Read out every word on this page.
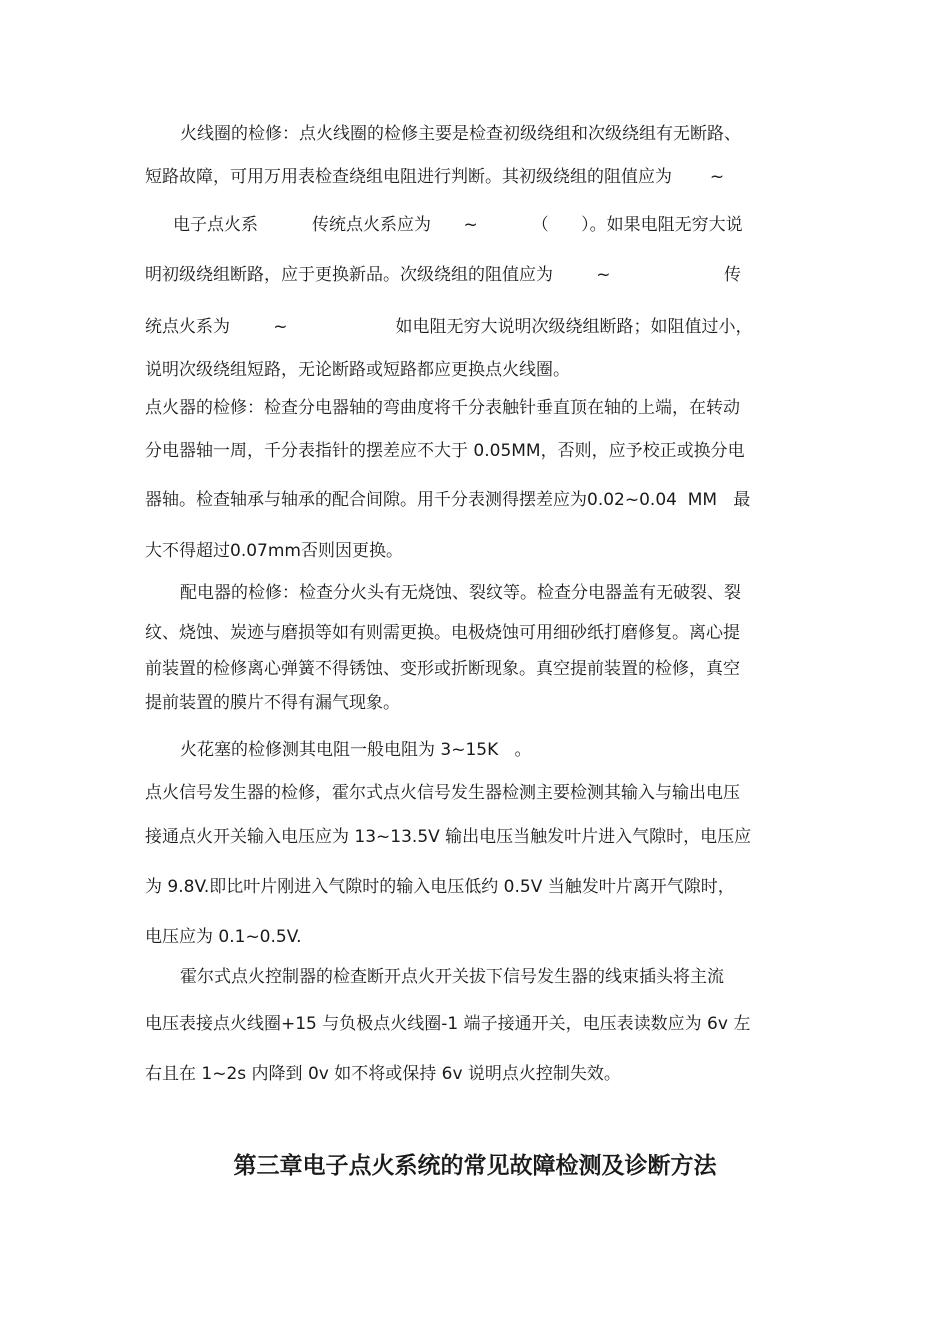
火线圈的检修：点火线圈的检修主要是检查初级绕组和次级绕组有无断路、
短路故障，可用万用表检查绕组电阻进行判断。其初级绕组的阻值应为       ~
电子点火系          传统点火系应为      ~          （      ）。如果电阻无穷大说
明初级绕组断路，应于更换新品。次级绕组的阻值应为        ~                     传
统点火系为        ~                    如电阻无穷大说明次级绕组断路；如阻值过小，
说明次级绕组短路，无论断路或短路都应更换点火线圈。
点火器的检修：检查分电器轴的弯曲度将千分表触针垂直顶在轴的上端，在转动
分电器轴一周，千分表指针的摆差应不大于 0.05MM，否则，应予校正或换分电
器轴。检查轴承与轴承的配合间隙。用千分表测得摆差应为0.02~0.04  MM   最
大不得超过0.07mm否则因更换。
配电器的检修：检查分火头有无烧蚀、裂纹等。检查分电器盖有无破裂、裂
纹、烧蚀、炭迹与磨损等如有则需更换。电极烧蚀可用细砂纸打磨修复。离心提
前装置的检修离心弹簧不得锈蚀、变形或折断现象。真空提前装置的检修，真空
提前装置的膜片不得有漏气现象。
火花塞的检修测其电阻一般电阻为 3~15K   。
点火信号发生器的检修，霍尔式点火信号发生器检测主要检测其输入与输出电压
接通点火开关输入电压应为 13~13.5V 输出电压当触发叶片进入气隙时，电压应
为 9.8V.即比叶片刚进入气隙时的输入电压低约 0.5V 当触发叶片离开气隙时，
电压应为 0.1~0.5V.
霍尔式点火控制器的检查断开点火开关拔下信号发生器的线束插头将主流
电压表接点火线圈+15 与负极点火线圈-1 端子接通开关，电压表读数应为 6v 左
右且在 1~2s 内降到 0v 如不将或保持 6v 说明点火控制失效。
第三章电子点火系统的常见故障检测及诊断方法
